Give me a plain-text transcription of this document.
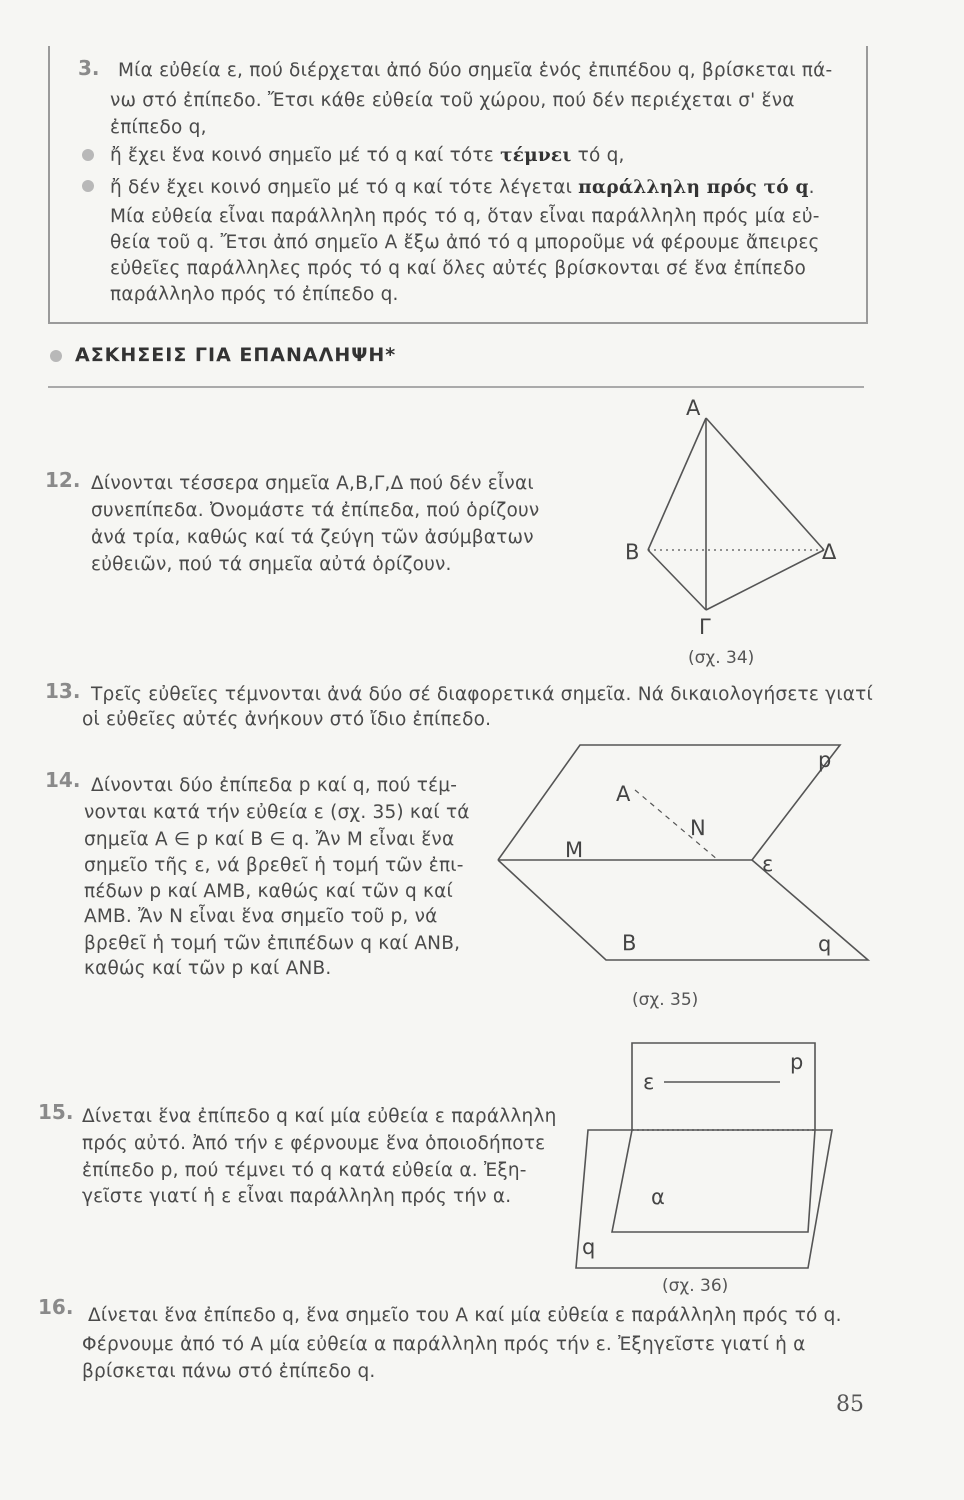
3. Μία εὐθεία ε, πού διέρχεται ἀπό δύο σημεῖα ἑνός ἐπιπέδου q, βρίσκεται πά-
νω στό ἐπίπεδο. Ἔτσι κάθε εὐθεία τοῦ χώρου, πού δέν περιέχεται σ' ἕνα
ἐπίπεδο q,
ἤ ἔχει ἕνα κοινό σημεῖο μέ τό q καί τότε τέμνει τό q,
ἤ δέν ἔχει κοινό σημεῖο μέ τό q καί τότε λέγεται παράλληλη πρός τό q.
Μία εὐθεία εἶναι παράλληλη πρός τό q, ὅταν εἶναι παράλληλη πρός μία εὐ-
θεία τοῦ q. Ἔτσι ἀπό σημεῖο Α ἔξω ἀπό τό q μποροῦμε νά φέρουμε ἄπειρες
εὐθεῖες παράλληλες πρός τό q καί ὅλες αὐτές βρίσκονται σέ ἕνα ἐπίπεδο
παράλληλο πρός τό ἐπίπεδο q.
ΑΣΚΗΣΕΙΣ ΓΙΑ ΕΠΑΝΑΛΗΨΗ*
12. Δίνονται τέσσερα σημεῖα Α,Β,Γ,Δ πού δέν εἶναι
συνεπίπεδα. Ὀνομάστε τά ἐπίπεδα, πού ὁρίζουν
ἀνά τρία, καθώς καί τά ζεύγη τῶν ἀσύμβατων
εὐθειῶν, πού τά σημεῖα αὐτά ὁρίζουν.
Α
Β	Δ
Γ
(σχ. 34)
13. Τρεῖς εὐθεῖες τέμνονται ἀνά δύο σέ διαφορετικά σημεῖα. Νά δικαιολογήσετε γιατί
οἱ εὐθεῖες αὐτές ἀνήκουν στό ἴδιο ἐπίπεδο.
14. Δίνονται δύο ἐπίπεδα p καί q, πού τέμ-
νονται κατά τήν εὐθεία ε (σχ. 35) καί τά
σημεῖα Α ∈ p καί Β ∈ q. Ἄν Μ εἶναι ἕνα
σημεῖο τῆς ε, νά βρεθεῖ ἡ τομή τῶν ἐπι-
πέδων p καί ΑΜΒ, καθώς καί τῶν q καί
ΑΜΒ. Ἄν Ν εἶναι ἕνα σημεῖο τοῦ p, νά
βρεθεῖ ἡ τομή τῶν ἐπιπέδων q καί ΑΝΒ,
καθώς καί τῶν p καί ΑΝΒ.
p
Α
Ν
Μ
ε
Β	q
(σχ. 35)
15. Δίνεται ἕνα ἐπίπεδο q καί μία εὐθεία ε παράλληλη
πρός αὐτό. Ἀπό τήν ε φέρνουμε ἕνα ὁποιοδήποτε
ἐπίπεδο p, πού τέμνει τό q κατά εὐθεία α. Ἐξη-
γεῖστε γιατί ἡ ε εἶναι παράλληλη πρός τήν α.
p
ε
α
q
(σχ. 36)
16. Δίνεται ἕνα ἐπίπεδο q, ἕνα σημεῖο του Α καί μία εὐθεία ε παράλληλη πρός τό q.
Φέρνουμε ἀπό τό Α μία εὐθεία α παράλληλη πρός τήν ε. Ἐξηγεῖστε γιατί ἡ α
βρίσκεται πάνω στό ἐπίπεδο q.
85
